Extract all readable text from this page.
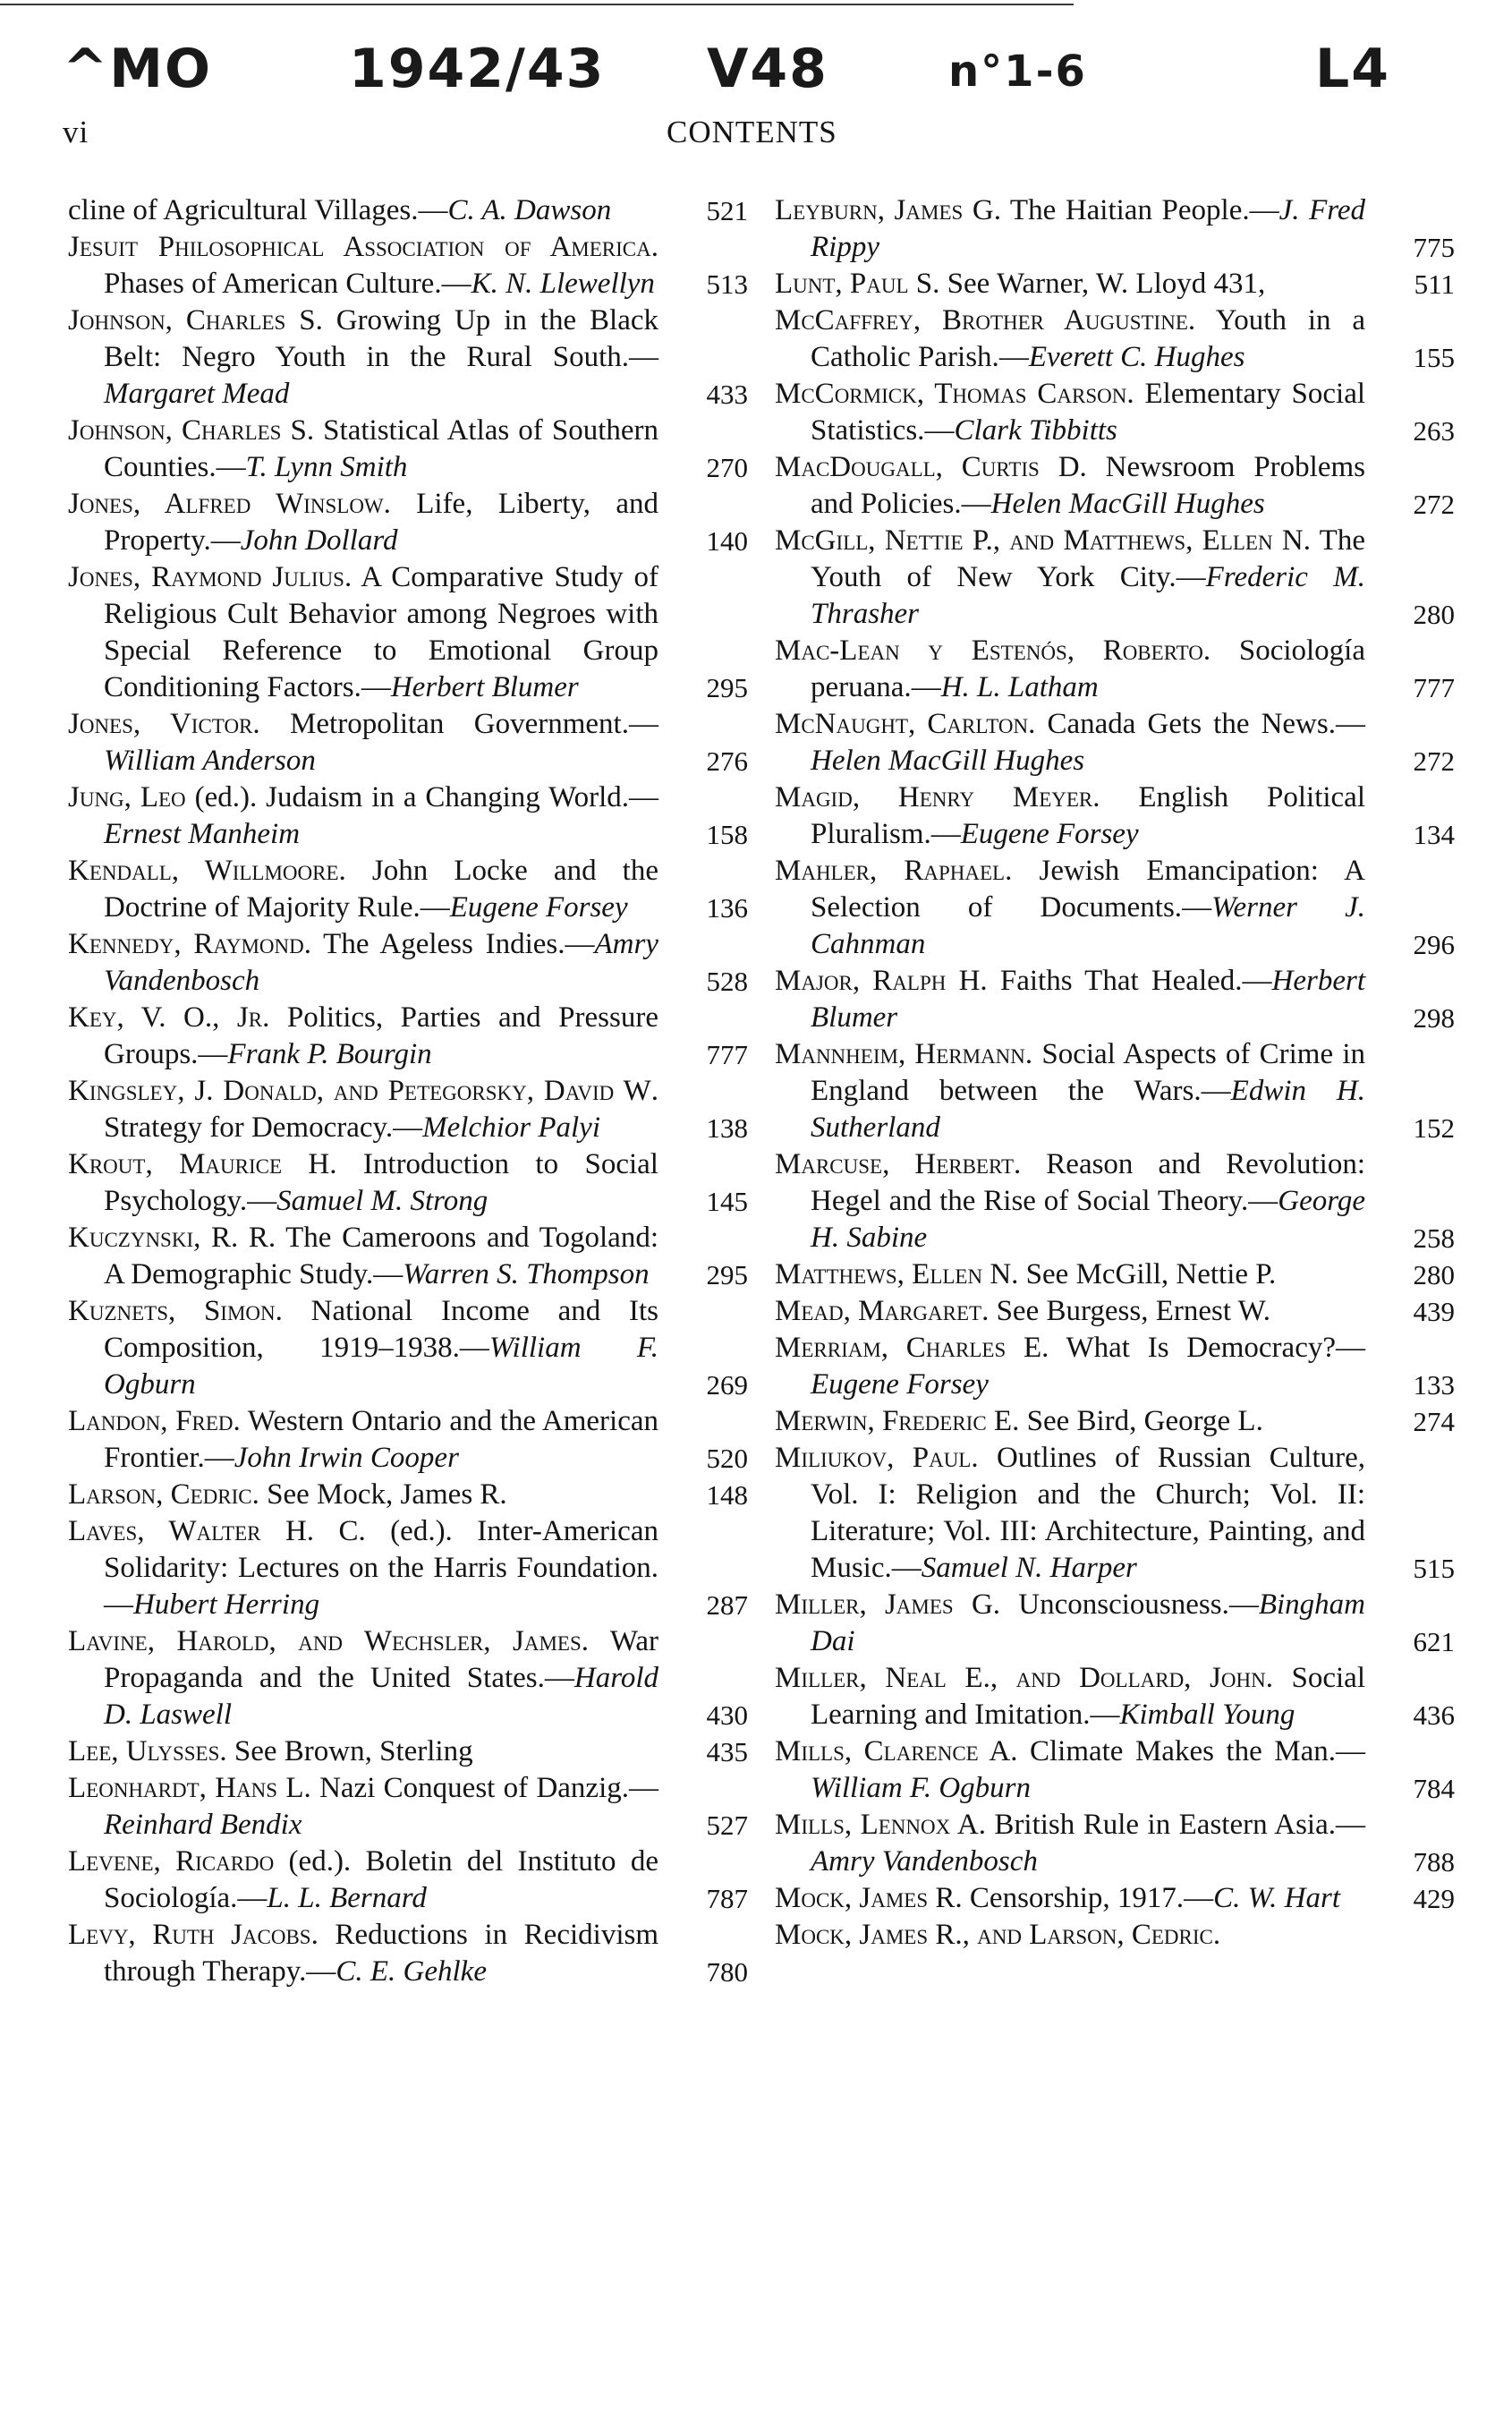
^MO	1942/43 V48	n°1-6	L4
vi	CONTENTS
cline of Agricultural Villages.—C. A. Dawson	521
Jesuit Philosophical Association of America. Phases of American Culture.—K. N. Llewellyn	513
Johnson, Charles S. Growing Up in the Black Belt: Negro Youth in the Rural South.—Margaret Mead	433
Johnson, Charles S. Statistical Atlas of Southern Counties.—T. Lynn Smith	270
Jones, Alfred Winslow. Life, Liberty, and Property.—John Dollard	140
Jones, Raymond Julius. A Comparative Study of Religious Cult Behavior among Negroes with Special Reference to Emotional Group Conditioning Factors.—Herbert Blumer	295
Jones, Victor. Metropolitan Government.—William Anderson	276
Jung, Leo (ed.). Judaism in a Changing World.—Ernest Manheim	158
Kendall, Willmoore. John Locke and the Doctrine of Majority Rule.—Eugene Forsey	136
Kennedy, Raymond. The Ageless Indies.—Amry Vandenbosch	528
Key, V. O., Jr. Politics, Parties and Pressure Groups.—Frank P. Bourgin	777
Kingsley, J. Donald, and Petegorsky, David W. Strategy for Democracy.—Melchior Palyi	138
Krout, Maurice H. Introduction to Social Psychology.—Samuel M. Strong	145
Kuczynski, R. R. The Cameroons and Togoland: A Demographic Study.—Warren S. Thompson	295
Kuznets, Simon. National Income and Its Composition, 1919–1938.—William F. Ogburn	269
Landon, Fred. Western Ontario and the American Frontier.—John Irwin Cooper	520
Larson, Cedric. See Mock, James R.	148
Laves, Walter H. C. (ed.). Inter-American Solidarity: Lectures on the Harris Foundation.—Hubert Herring	287
Lavine, Harold, and Wechsler, James. War Propaganda and the United States.—Harold D. Laswell	430
Lee, Ulysses. See Brown, Sterling	435
Leonhardt, Hans L. Nazi Conquest of Danzig.—Reinhard Bendix	527
Levene, Ricardo (ed.). Boletin del Instituto de Sociología.—L. L. Bernard	787
Levy, Ruth Jacobs. Reductions in Recidivism through Therapy.—C. E. Gehlke	780
Leyburn, James G. The Haitian People.—J. Fred Rippy	775
Lunt, Paul S. See Warner, W. Lloyd 431,	511
McCaffrey, Brother Augustine. Youth in a Catholic Parish.—Everett C. Hughes	155
McCormick, Thomas Carson. Elementary Social Statistics.—Clark Tibbitts	263
MacDougall, Curtis D. Newsroom Problems and Policies.—Helen MacGill Hughes	272
McGill, Nettie P., and Matthews, Ellen N. The Youth of New York City.—Frederic M. Thrasher	280
Mac-Lean y Estenós, Roberto. Sociología peruana.—H. L. Latham	777
McNaught, Carlton. Canada Gets the News.—Helen MacGill Hughes	272
Magid, Henry Meyer. English Political Pluralism.—Eugene Forsey	134
Mahler, Raphael. Jewish Emancipation: A Selection of Documents.—Werner J. Cahnman	296
Major, Ralph H. Faiths That Healed.—Herbert Blumer	298
Mannheim, Hermann. Social Aspects of Crime in England between the Wars.—Edwin H. Sutherland	152
Marcuse, Herbert. Reason and Revolution: Hegel and the Rise of Social Theory.—George H. Sabine	258
Matthews, Ellen N. See McGill, Nettie P.	280
Mead, Margaret. See Burgess, Ernest W.	439
Merriam, Charles E. What Is Democracy?—Eugene Forsey	133
Merwin, Frederic E. See Bird, George L.	274
Miliukov, Paul. Outlines of Russian Culture, Vol. I: Religion and the Church; Vol. II: Literature; Vol. III: Architecture, Painting, and Music.—Samuel N. Harper	515
Miller, James G. Unconsciousness.—Bingham Dai	621
Miller, Neal E., and Dollard, John. Social Learning and Imitation.—Kimball Young	436
Mills, Clarence A. Climate Makes the Man.—William F. Ogburn	784
Mills, Lennox A. British Rule in Eastern Asia.—Amry Vandenbosch	788
Mock, James R. Censorship, 1917.—C. W. Hart	429
Mock, James R., and Larson, Cedric.
